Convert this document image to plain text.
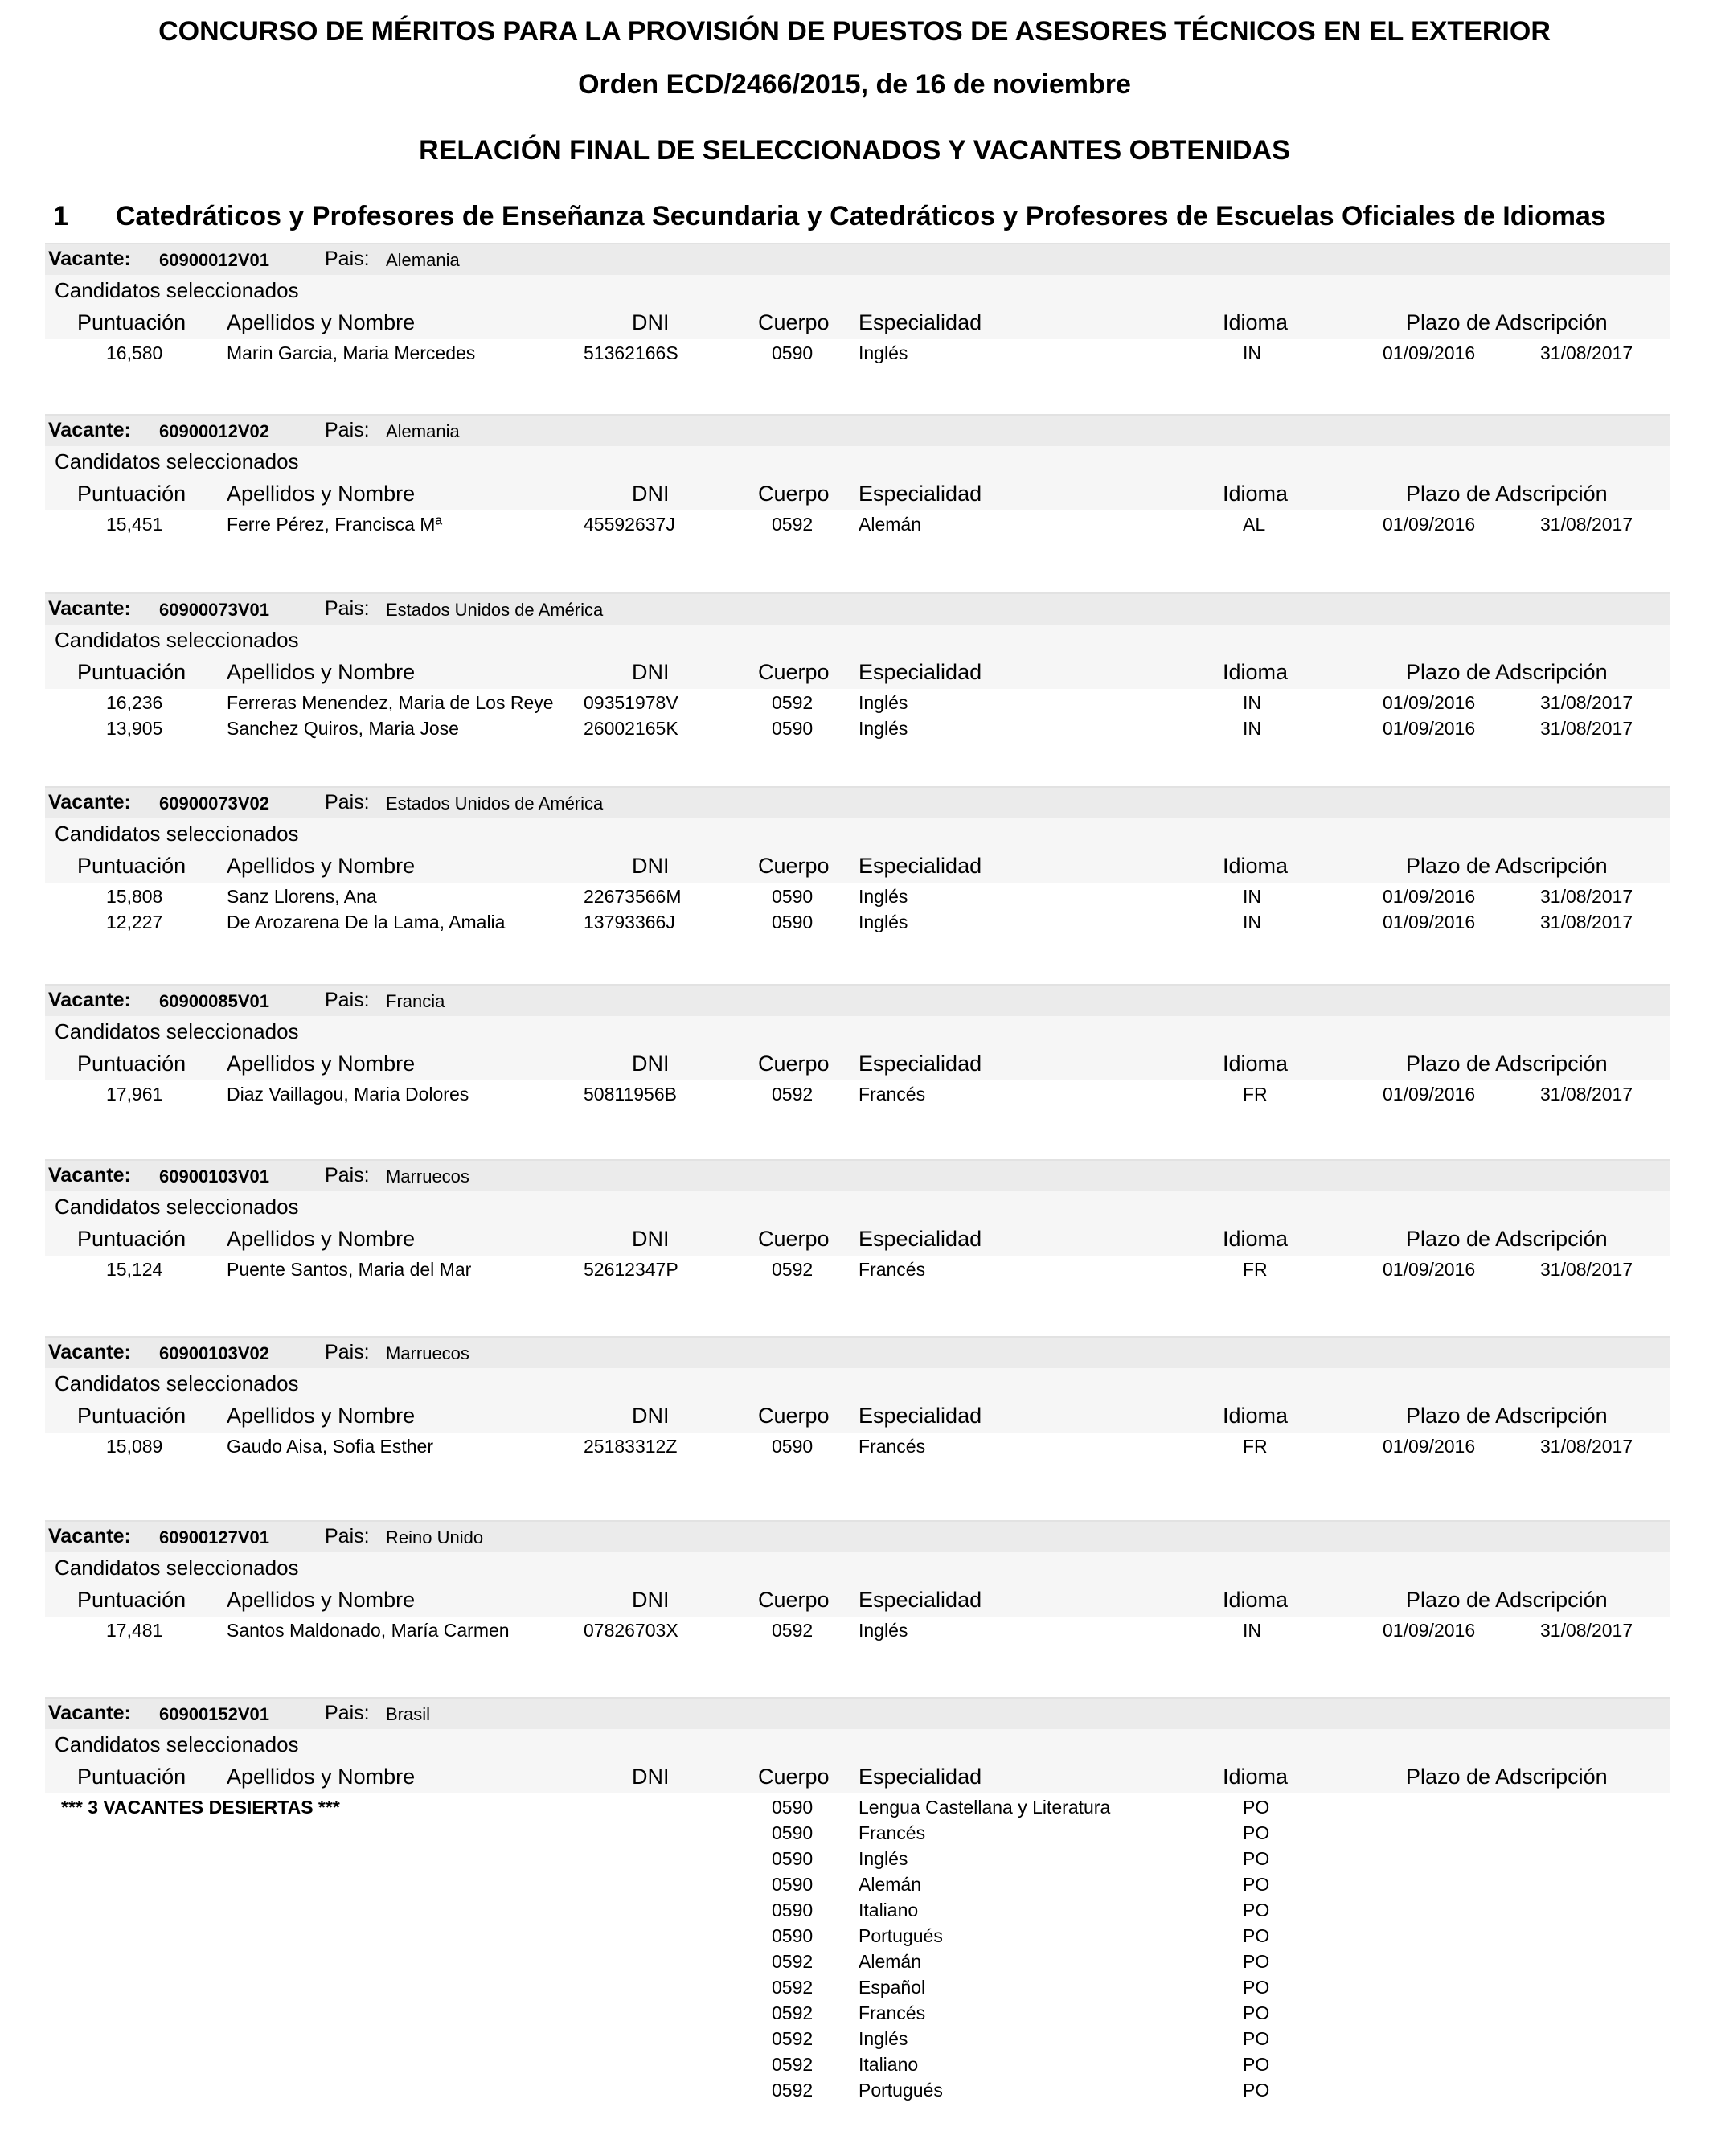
CONCURSO DE MÉRITOS PARA LA PROVISIÓN DE PUESTOS DE ASESORES TÉCNICOS EN EL EXTERIOR
Orden ECD/2466/2015, de 16 de noviembre
RELACIÓN FINAL DE SELECCIONADOS Y VACANTES OBTENIDAS
1 Catedráticos y Profesores de Enseñanza Secundaria y Catedráticos y Profesores de Escuelas Oficiales de Idiomas
Vacante: 60900012V01	Pais: Alemania
Candidatos seleccionados
Puntuación Apellidos y Nombre	DNI	Cuerpo Especialidad	Idioma	Plazo de Adscripción
16,580	Marin Garcia, Maria Mercedes	51362166S	0590 Inglés	IN	01/09/2016	31/08/2017
Vacante: 60900012V02	Pais: Alemania
Candidatos seleccionados
Puntuación Apellidos y Nombre	DNI	Cuerpo Especialidad	Idioma	Plazo de Adscripción
15,451	Ferre Pérez, Francisca Mª	45592637J	0592 Alemán	AL	01/09/2016	31/08/2017
Vacante: 60900073V01	Pais: Estados Unidos de América
Candidatos seleccionados
Puntuación Apellidos y Nombre	DNI	Cuerpo Especialidad	Idioma	Plazo de Adscripción
16,236	Ferreras Menendez, Maria de Los Reye 09351978V	0592 Inglés	IN	01/09/2016	31/08/2017
13,905	Sanchez Quiros, Maria Jose	26002165K	0590 Inglés	IN	01/09/2016	31/08/2017
Vacante: 60900073V02	Pais: Estados Unidos de América
Candidatos seleccionados
Puntuación Apellidos y Nombre	DNI	Cuerpo Especialidad	Idioma	Plazo de Adscripción
15,808	Sanz Llorens, Ana	22673566M	0590 Inglés	IN	01/09/2016	31/08/2017
12,227	De Arozarena De la Lama, Amalia	13793366J	0590 Inglés	IN	01/09/2016	31/08/2017
Vacante: 60900085V01	Pais: Francia
Candidatos seleccionados
Puntuación Apellidos y Nombre	DNI	Cuerpo Especialidad	Idioma	Plazo de Adscripción
17,961	Diaz Vaillagou, Maria Dolores	50811956B	0592 Francés	FR	01/09/2016	31/08/2017
Vacante: 60900103V01	Pais: Marruecos
Candidatos seleccionados
Puntuación Apellidos y Nombre	DNI	Cuerpo Especialidad	Idioma	Plazo de Adscripción
15,124	Puente Santos, Maria del Mar	52612347P	0592 Francés	FR	01/09/2016	31/08/2017
Vacante: 60900103V02	Pais: Marruecos
Candidatos seleccionados
Puntuación Apellidos y Nombre	DNI	Cuerpo Especialidad	Idioma	Plazo de Adscripción
15,089	Gaudo Aisa, Sofia Esther	25183312Z	0590 Francés	FR	01/09/2016	31/08/2017
Vacante: 60900127V01	Pais: Reino Unido
Candidatos seleccionados
Puntuación Apellidos y Nombre	DNI	Cuerpo Especialidad	Idioma	Plazo de Adscripción
17,481	Santos Maldonado, María Carmen	07826703X	0592 Inglés	IN	01/09/2016	31/08/2017
Vacante: 60900152V01	Pais: Brasil
Candidatos seleccionados
Puntuación Apellidos y Nombre	DNI	Cuerpo Especialidad	Idioma	Plazo de Adscripción
*** 3 VACANTES DESIERTAS ***	0590 Lengua Castellana y Literatura	PO
0590 Francés	PO
0590 Inglés	PO
0590 Alemán	PO
0590 Italiano	PO
0590 Portugués	PO
0592 Alemán	PO
0592 Español	PO
0592 Francés	PO
0592 Inglés	PO
0592 Italiano	PO
0592 Portugués	PO
